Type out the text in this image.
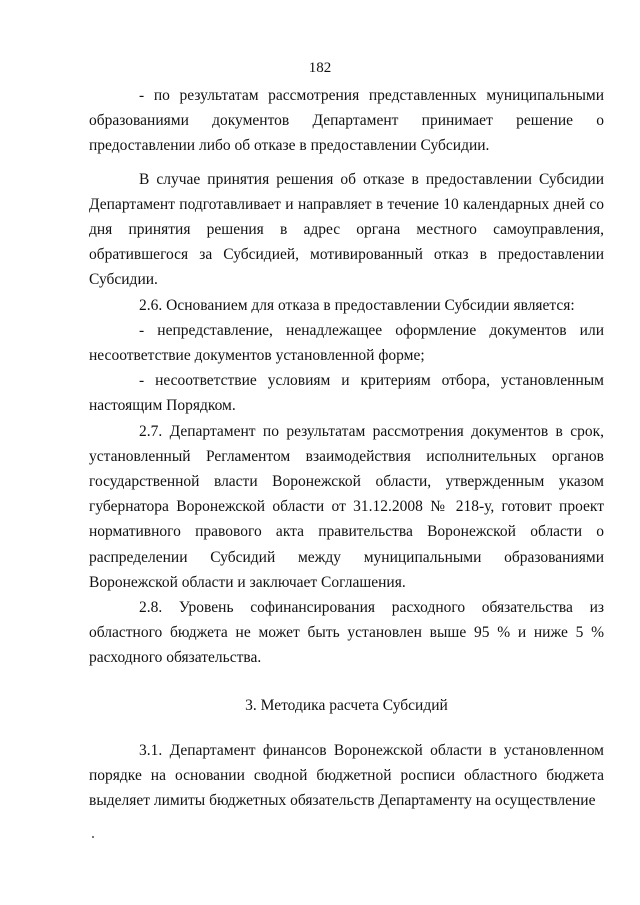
182

- по результатам рассмотрения представленных муниципальными образованиями документов Департамент принимает решение о предоставлении либо об отказе в предоставлении Субсидии.

В случае принятия решения об отказе в предоставлении Субсидии Департамент подготавливает и направляет в течение 10 календарных дней со дня принятия решения в адрес органа местного самоуправления, обратившегося за Субсидией, мотивированный отказ в предоставлении Субсидии.

2.6. Основанием для отказа в предоставлении Субсидии является:

- непредставление, ненадлежащее оформление документов или несоответствие документов установленной форме;

- несоответствие условиям и критериям отбора, установленным настоящим Порядком.

2.7. Департамент по результатам рассмотрения документов в срок, установленный Регламентом взаимодействия исполнительных органов государственной власти Воронежской области, утвержденным указом губернатора Воронежской области от 31.12.2008 № 218-у, готовит проект нормативного правового акта правительства Воронежской области о распределении Субсидий между муниципальными образованиями Воронежской области и заключает Соглашения.

2.8. Уровень софинансирования расходного обязательства из областного бюджета не может быть установлен выше 95 % и ниже 5 % расходного обязательства.

3. Методика расчета Субсидий

3.1. Департамент финансов Воронежской области в установленном порядке на основании сводной бюджетной росписи областного бюджета выделяет лимиты бюджетных обязательств Департаменту на осуществление
